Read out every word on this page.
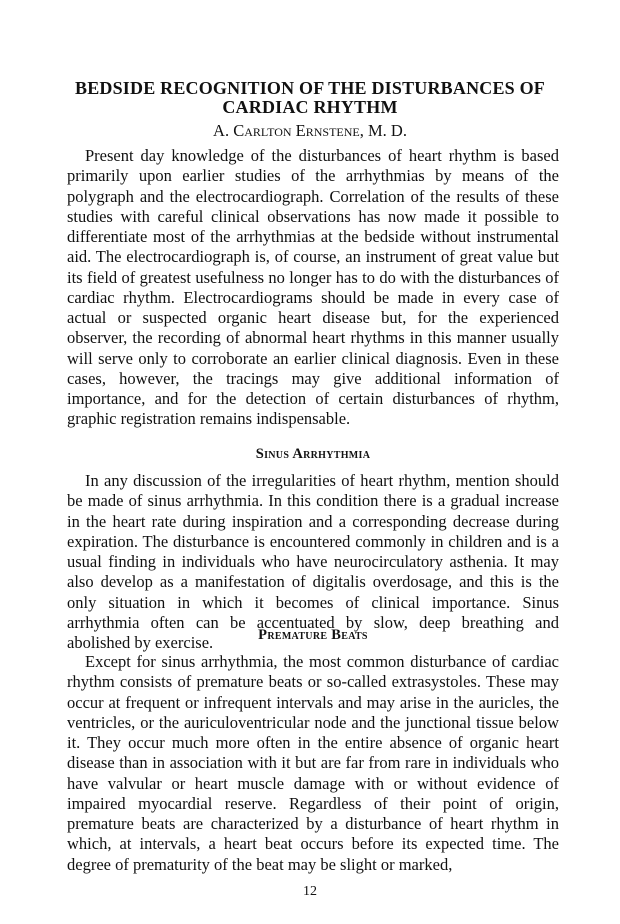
BEDSIDE RECOGNITION OF THE DISTURBANCES OF
CARDIAC RHYTHM

A. Carlton Ernstene, M. D.

Present day knowledge of the disturbances of heart rhythm is based primarily upon earlier studies of the arrhythmias by means of the polygraph and the electrocardiograph. Correlation of the results of these studies with careful clinical observations has now made it possible to differentiate most of the arrhythmias at the bedside without instrumental aid. The electrocardiograph is, of course, an instrument of great value but its field of greatest usefulness no longer has to do with the disturbances of cardiac rhythm. Electrocardiograms should be made in every case of actual or suspected organic heart disease but, for the experienced observer, the recording of abnormal heart rhythms in this manner usually will serve only to corroborate an earlier clinical diagnosis. Even in these cases, however, the tracings may give additional information of importance, and for the detection of certain disturbances of rhythm, graphic registration remains indispensable.

Sinus Arrhythmia

In any discussion of the irregularities of heart rhythm, mention should be made of sinus arrhythmia. In this condition there is a gradual increase in the heart rate during inspiration and a corresponding decrease during expiration. The disturbance is encountered commonly in children and is a usual finding in individuals who have neurocirculatory asthenia. It may also develop as a manifestation of digitalis overdosage, and this is the only situation in which it becomes of clinical importance. Sinus arrhythmia often can be accentuated by slow, deep breathing and abolished by exercise.	Premature Beats

Except for sinus arrhythmia, the most common disturbance of cardiac rhythm consists of premature beats or so-called extrasystoles. These may occur at frequent or infrequent intervals and may arise in the auricles, the ventricles, or the auriculoventricular node and the junctional tissue below it. They occur much more often in the entire absence of organic heart disease than in association with it but are far from rare in individuals who have valvular or heart muscle damage with or without evidence of impaired myocardial reserve. Regardless of their point of origin, premature beats are characterized by a disturbance of heart rhythm in which, at intervals, a heart beat occurs before its expected time. The degree of prematurity of the beat may be slight or marked,

12
